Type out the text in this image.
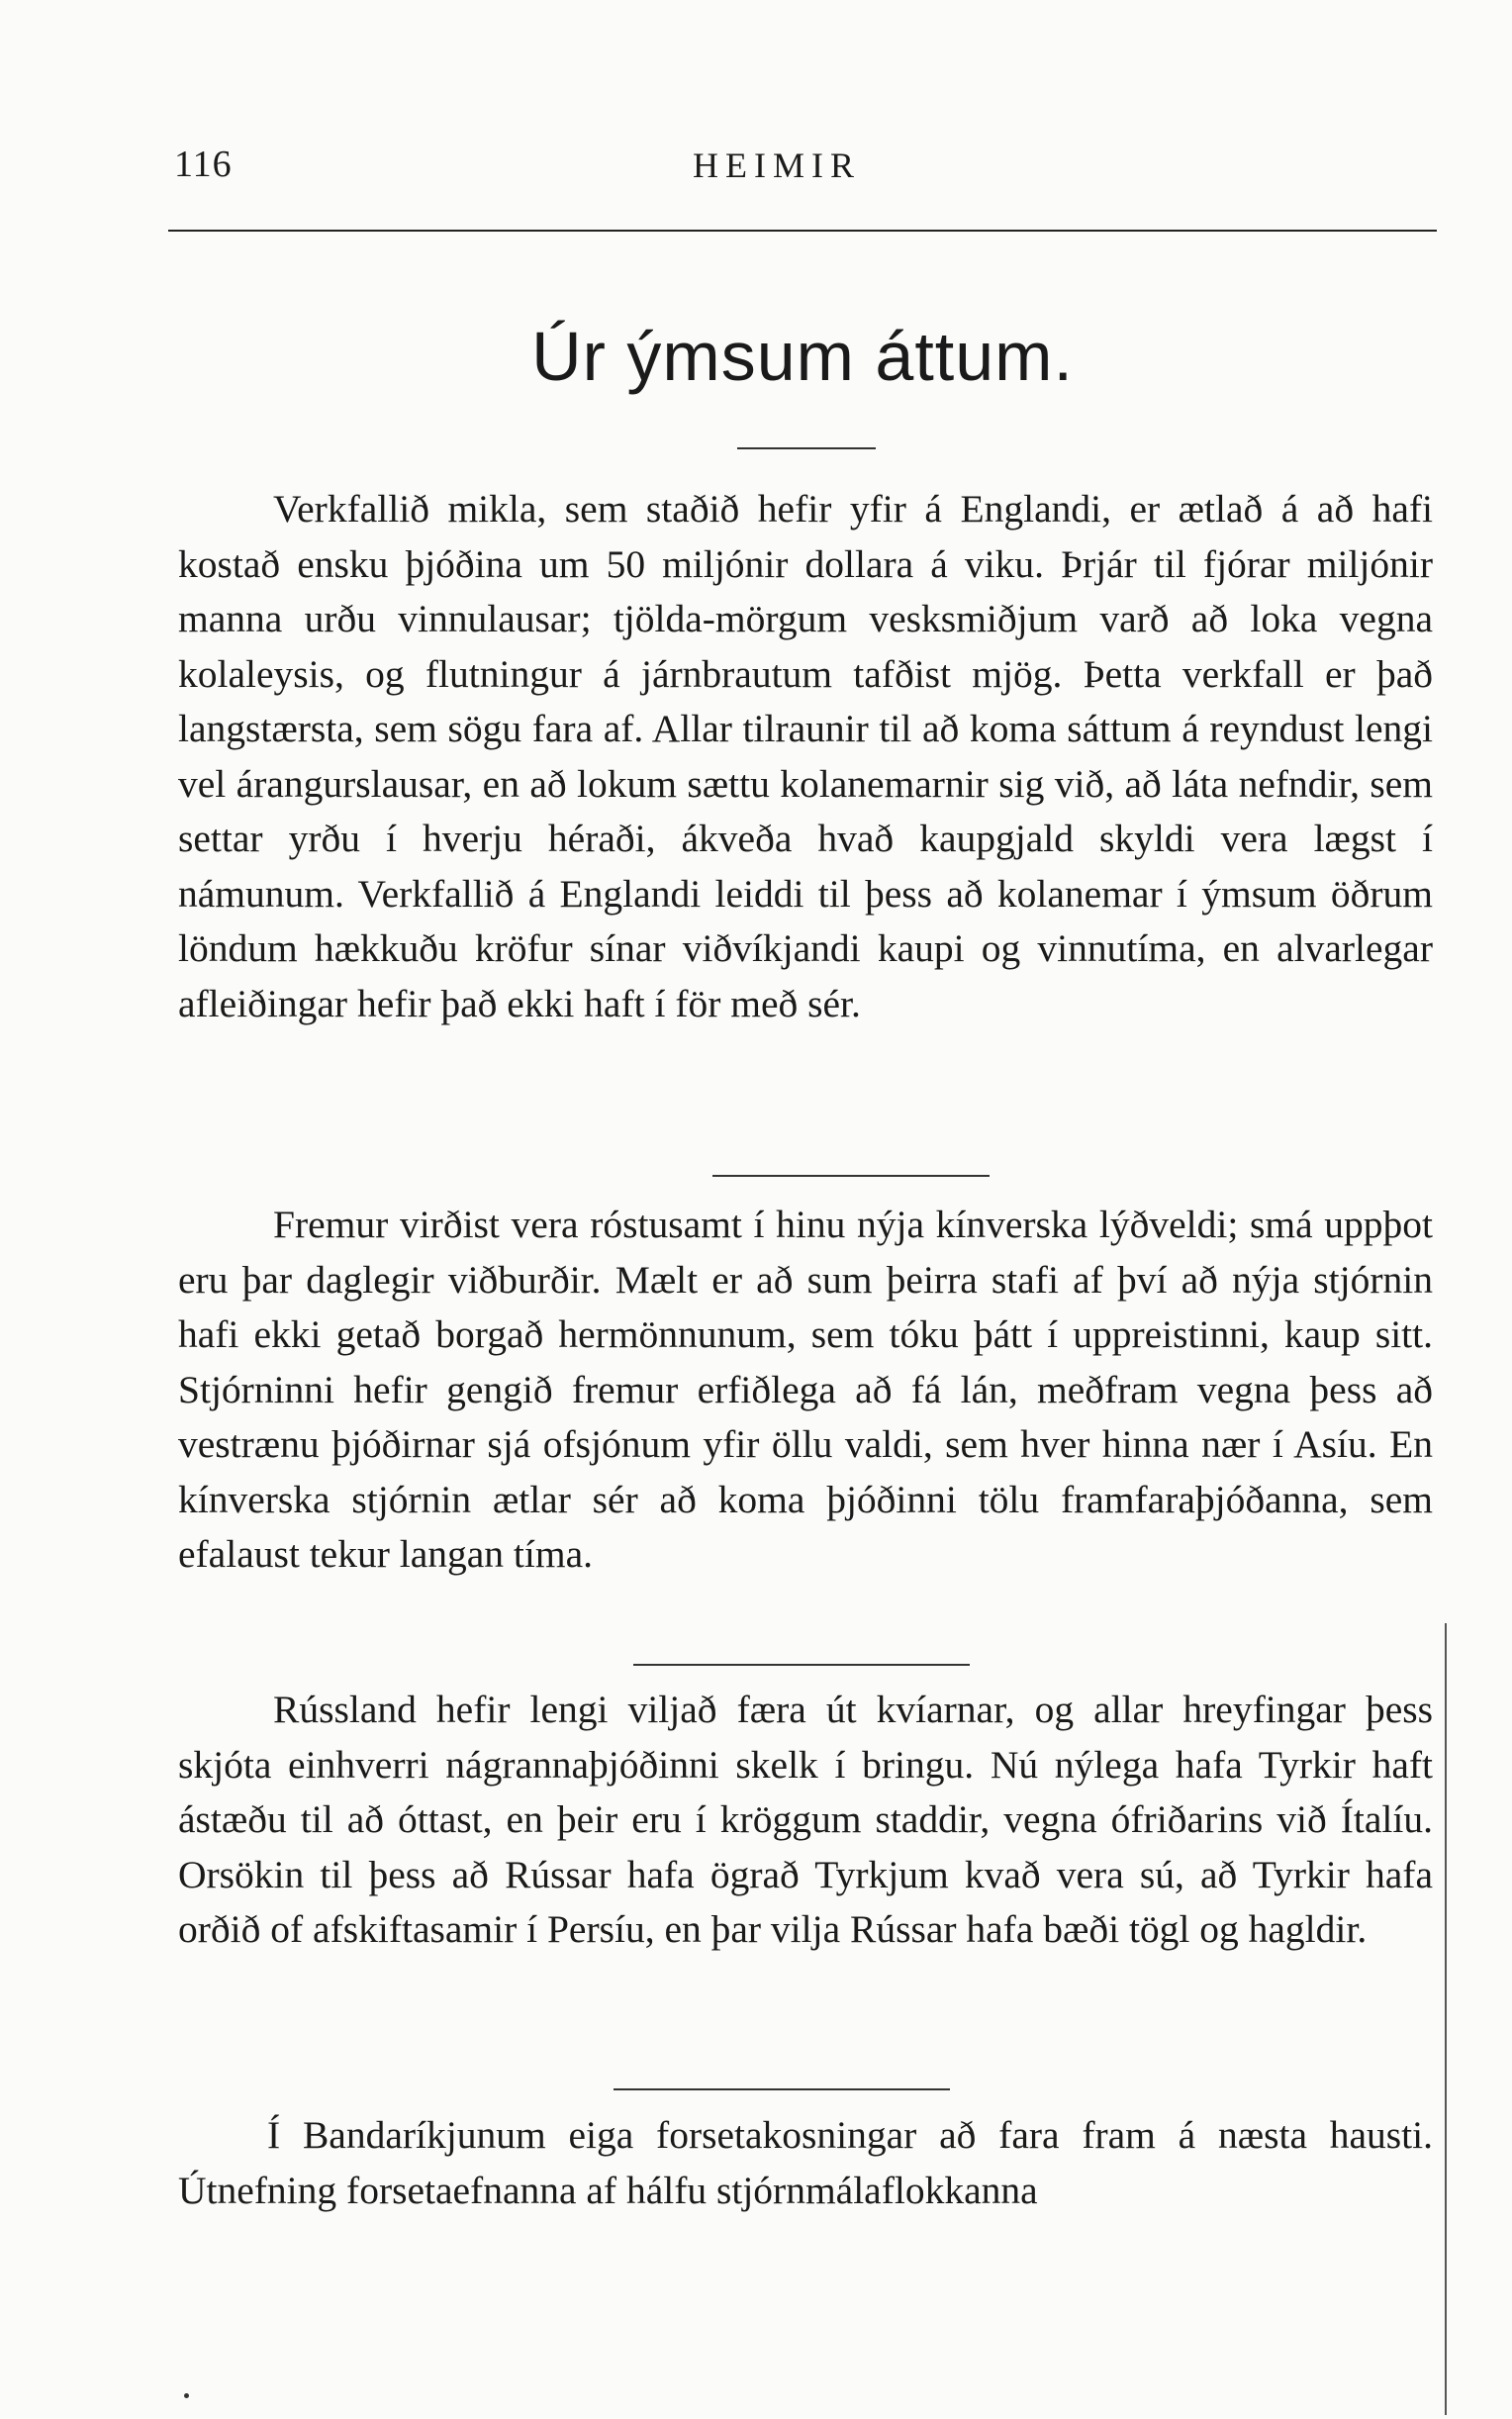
116	HEIMIR
Úr ýmsum áttum.

Verkfallið mikla, sem staðið hefir yfir á Englandi, er ætlað á að hafi kostað ensku þjóðina um 50 miljónir dollara á viku. Þrjár til fjórar miljónir manna urðu vinnulausar; tjölda-mörgum vesksmiðjum varð að loka vegna kolaleysis, og flutningur á járnbrautum tafðist mjög. Þetta verkfall er það langstærsta, sem sögu fara af. Allar tilraunir til að koma sáttum á reyndust lengi vel árangurslausar, en að lokum sættu kolanemarnir sig við, að láta nefndir, sem settar yrðu í hverju héraði, ákveða hvað kaupgjald skyldi vera lægst í námunum. Verkfallið á Englandi leiddi til þess að kolanemar í ýmsum öðrum löndum hækkuðu kröfur sínar viðvíkjandi kaupi og vinnutíma, en alvarlegar afleiðingar hefir það ekki haft í för með sér.

Fremur virðist vera róstusamt í hinu nýja kínverska lýðveldi; smá uppþot eru þar daglegir viðburðir. Mælt er að sum þeirra stafi af því að nýja stjórnin hafi ekki getað borgað hermönnunum, sem tóku þátt í uppreistinni, kaup sitt. Stjórninni hefir gengið fremur erfiðlega að fá lán, meðfram vegna þess að vestrænu þjóðirnar sjá ofsjónum yfir öllu valdi, sem hver hinna nær í Asíu. En kínverska stjórnin ætlar sér að koma þjóðinni tölu framfaraþjóðanna, sem efalaust tekur langan tíma.

Rússland hefir lengi viljað færa út kvíarnar, og allar hreyfingar þess skjóta einhverri nágrannaþjóðinni skelk í bringu. Nú nýlega hafa Tyrkir haft ástæðu til að óttast, en þeir eru í kröggum staddir, vegna ófriðarins við Ítalíu. Orsökin til þess að Rússar hafa ögrað Tyrkjum kvað vera sú, að Tyrkir hafa orðið of afskiftasamir í Persíu, en þar vilja Rússar hafa bæði tögl og hagldir.

Í Bandaríkjunum eiga forsetakosningar að fara fram á næsta hausti. Útnefning forsetaefnanna af hálfu stjórnmálaflokkanna
